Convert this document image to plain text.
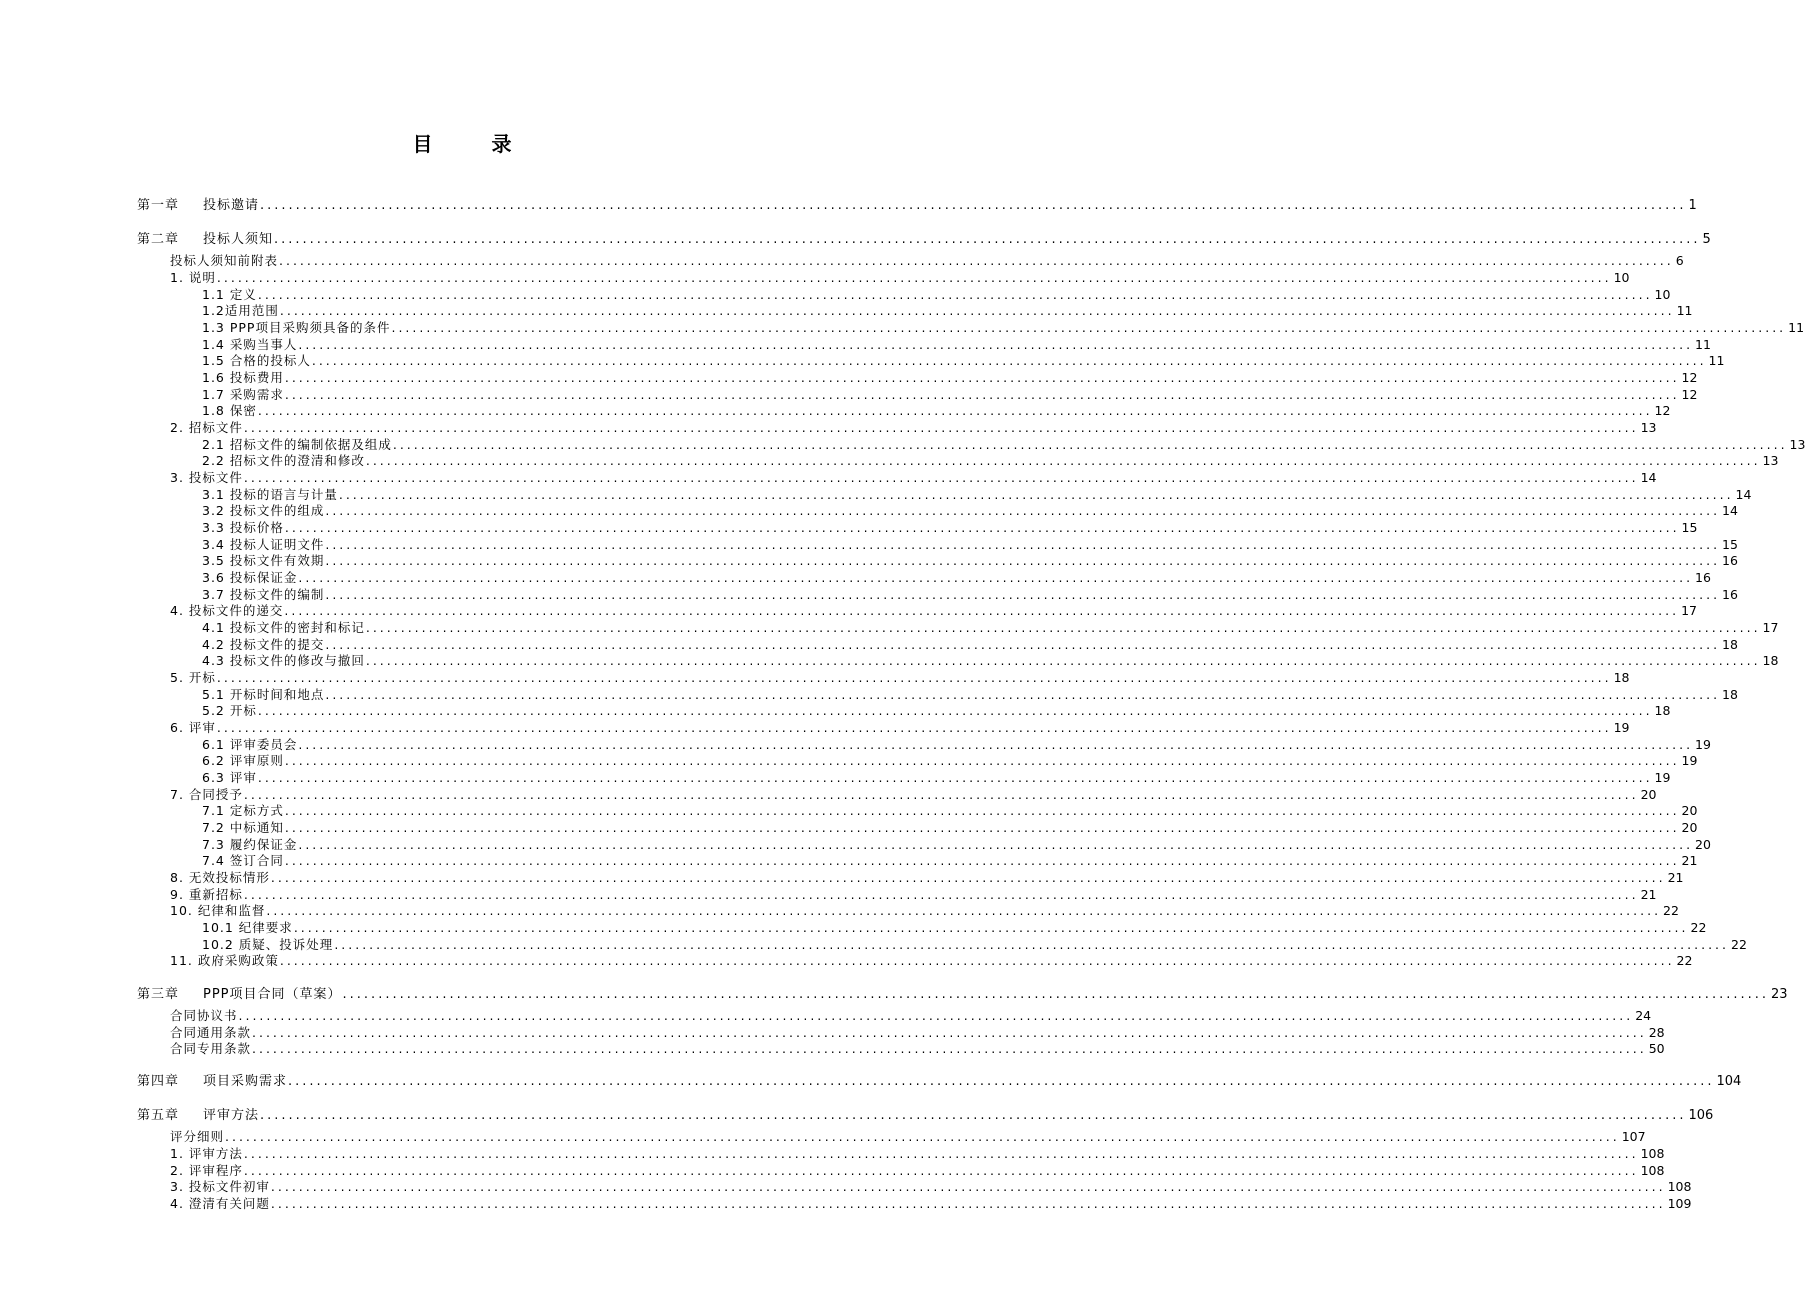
目 录
第一章 投标邀请 ........................................................................................................................................................................................................ 1
第二章 投标人须知 ........................................................................................................................................................................................................ 5
投标人须知前附表 ........................................................................................................................................................................................................ 6
1. 说明 ........................................................................................................................................................................................................ 10
1.1 定义 ........................................................................................................................................................................................................ 10
1.2适用范围 ........................................................................................................................................................................................................ 11
1.3 PPP项目采购须具备的条件 ........................................................................................................................................................................................................ 11
1.4 采购当事人 ........................................................................................................................................................................................................ 11
1.5 合格的投标人 ........................................................................................................................................................................................................ 11
1.6 投标费用 ........................................................................................................................................................................................................ 12
1.7 采购需求 ........................................................................................................................................................................................................ 12
1.8 保密 ........................................................................................................................................................................................................ 12
2. 招标文件 ........................................................................................................................................................................................................ 13
2.1 招标文件的编制依据及组成 ........................................................................................................................................................................................................ 13
2.2 招标文件的澄清和修改 ........................................................................................................................................................................................................ 13
3. 投标文件 ........................................................................................................................................................................................................ 14
3.1 投标的语言与计量 ........................................................................................................................................................................................................ 14
3.2 投标文件的组成 ........................................................................................................................................................................................................ 14
3.3 投标价格 ........................................................................................................................................................................................................ 15
3.4 投标人证明文件 ........................................................................................................................................................................................................ 15
3.5 投标文件有效期 ........................................................................................................................................................................................................ 16
3.6 投标保证金 ........................................................................................................................................................................................................ 16
3.7 投标文件的编制 ........................................................................................................................................................................................................ 16
4. 投标文件的递交 ........................................................................................................................................................................................................ 17
4.1 投标文件的密封和标记 ........................................................................................................................................................................................................ 17
4.2 投标文件的提交 ........................................................................................................................................................................................................ 18
4.3 投标文件的修改与撤回 ........................................................................................................................................................................................................ 18
5. 开标 ........................................................................................................................................................................................................ 18
5.1 开标时间和地点 ........................................................................................................................................................................................................ 18
5.2 开标 ........................................................................................................................................................................................................ 18
6. 评审 ........................................................................................................................................................................................................ 19
6.1 评审委员会 ........................................................................................................................................................................................................ 19
6.2 评审原则 ........................................................................................................................................................................................................ 19
6.3 评审 ........................................................................................................................................................................................................ 19
7. 合同授予 ........................................................................................................................................................................................................ 20
7.1 定标方式 ........................................................................................................................................................................................................ 20
7.2 中标通知 ........................................................................................................................................................................................................ 20
7.3 履约保证金 ........................................................................................................................................................................................................ 20
7.4 签订合同 ........................................................................................................................................................................................................ 21
8. 无效投标情形 ........................................................................................................................................................................................................ 21
9. 重新招标 ........................................................................................................................................................................................................ 21
10. 纪律和监督 ........................................................................................................................................................................................................ 22
10.1 纪律要求 ........................................................................................................................................................................................................ 22
10.2 质疑、投诉处理 ........................................................................................................................................................................................................ 22
11. 政府采购政策 ........................................................................................................................................................................................................ 22
第三章 PPP项目合同（草案） ........................................................................................................................................................................................................ 23
合同协议书 ........................................................................................................................................................................................................ 24
合同通用条款 ........................................................................................................................................................................................................ 28
合同专用条款 ........................................................................................................................................................................................................ 50
第四章 项目采购需求 ........................................................................................................................................................................................................ 104
第五章 评审方法 ........................................................................................................................................................................................................ 106
评分细则 ........................................................................................................................................................................................................ 107
1. 评审方法 ........................................................................................................................................................................................................ 108
2. 评审程序 ........................................................................................................................................................................................................ 108
3. 投标文件初审 ........................................................................................................................................................................................................ 108
4. 澄清有关问题 ........................................................................................................................................................................................................ 109
